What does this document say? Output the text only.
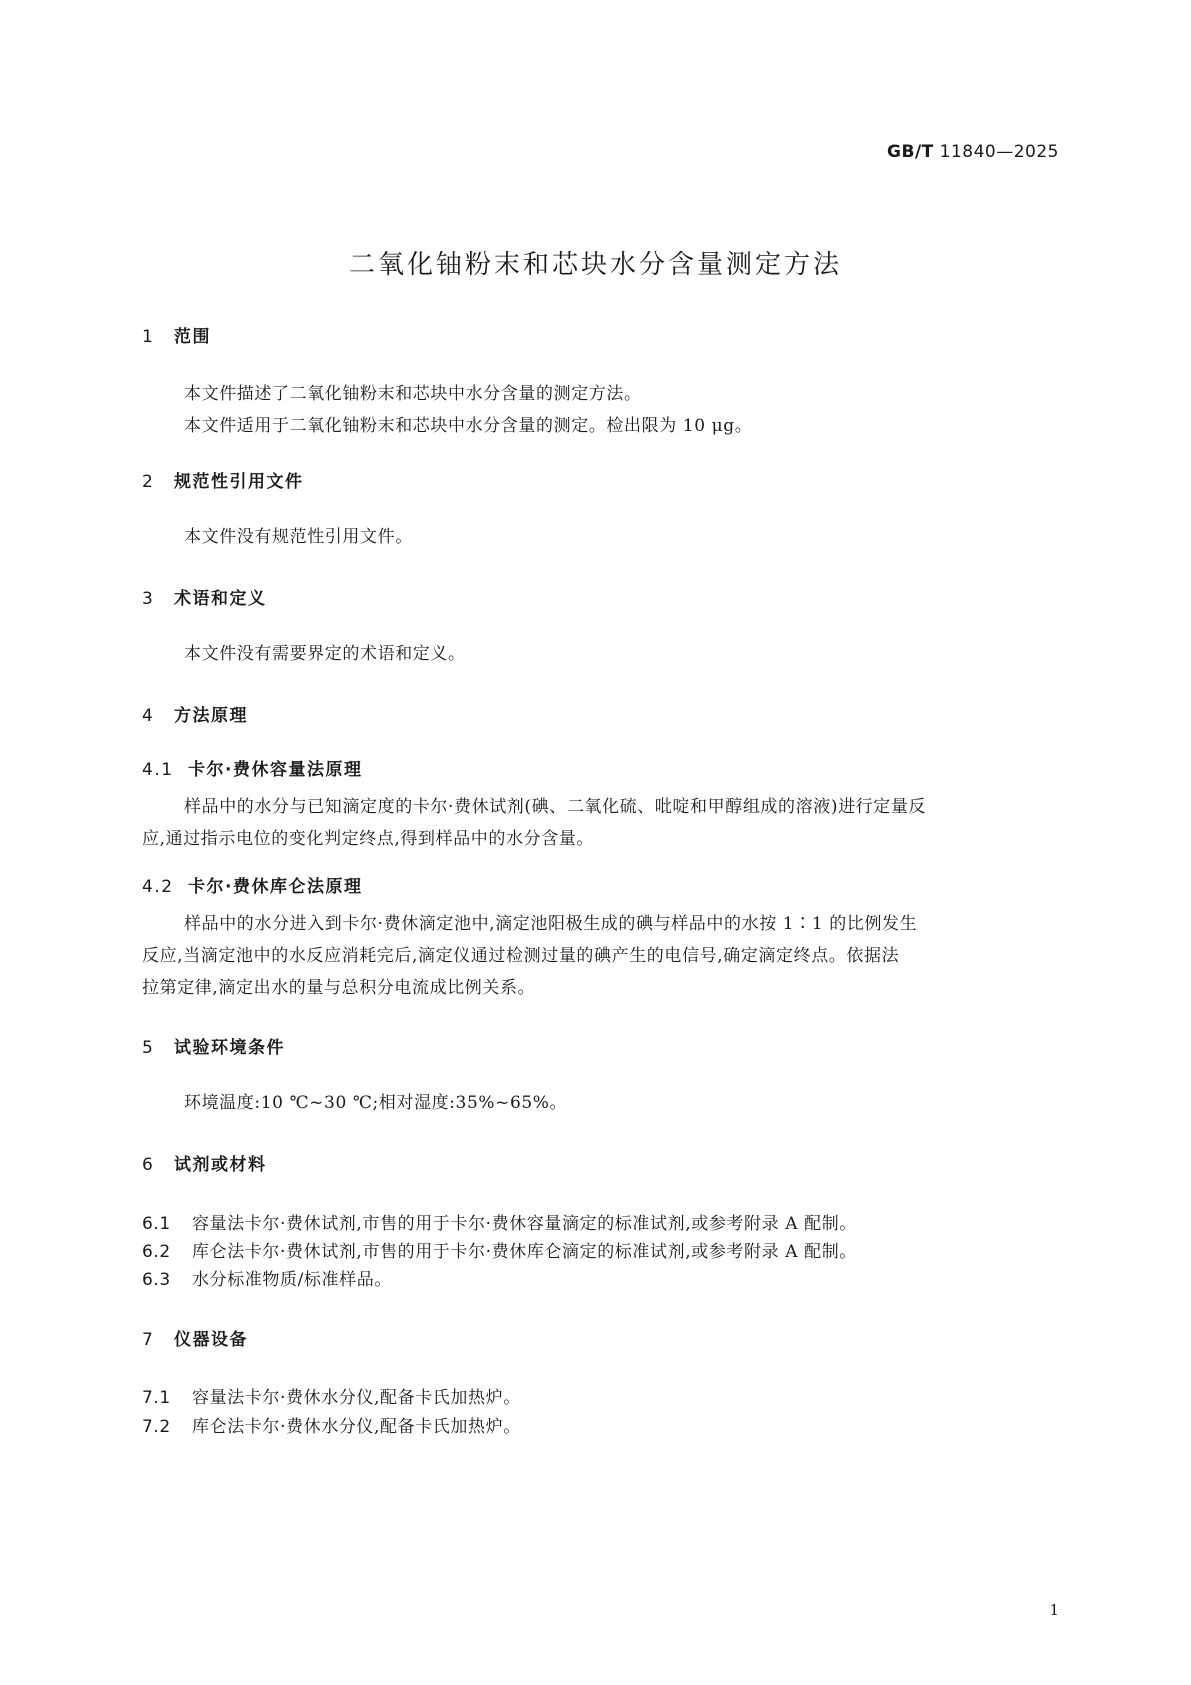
GB/T 11840—2025
二氧化铀粉末和芯块水分含量测定方法
1 范围
本文件描述了二氧化铀粉末和芯块中水分含量的测定方法。
本文件适用于二氧化铀粉末和芯块中水分含量的测定。检出限为 10 μg。
2 规范性引用文件
本文件没有规范性引用文件。
3 术语和定义
本文件没有需要界定的术语和定义。
4 方法原理
4.1 卡尔·费休容量法原理
样品中的水分与已知滴定度的卡尔·费休试剂(碘、二氧化硫、吡啶和甲醇组成的溶液)进行定量反
应,通过指示电位的变化判定终点,得到样品中的水分含量。
4.2 卡尔·费休库仑法原理
样品中的水分进入到卡尔·费休滴定池中,滴定池阳极生成的碘与样品中的水按 1∶1 的比例发生
反应,当滴定池中的水反应消耗完后,滴定仪通过检测过量的碘产生的电信号,确定滴定终点。依据法
拉第定律,滴定出水的量与总积分电流成比例关系。
5 试验环境条件
环境温度:10 ℃~30 ℃;相对湿度:35%~65%。
6 试剂或材料
6.1 容量法卡尔·费休试剂,市售的用于卡尔·费休容量滴定的标准试剂,或参考附录 A 配制。
6.2 库仑法卡尔·费休试剂,市售的用于卡尔·费休库仑滴定的标准试剂,或参考附录 A 配制。
6.3 水分标准物质/标准样品。
7 仪器设备
7.1 容量法卡尔·费休水分仪,配备卡氏加热炉。
7.2 库仑法卡尔·费休水分仪,配备卡氏加热炉。
1
